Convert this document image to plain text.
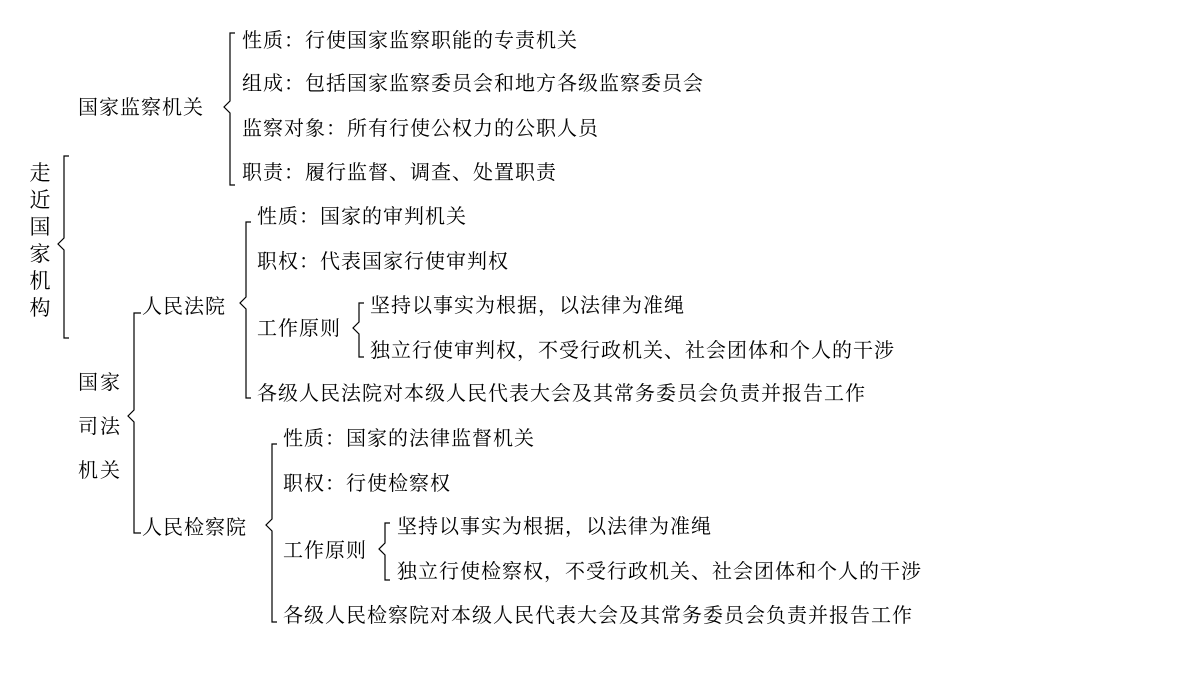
走近国家机构
国家监察机关
性质：行使国家监察职能的专责机关
组成：包括国家监察委员会和地方各级监察委员会
监察对象：所有行使公权力的公职人员
职责：履行监督、调查、处置职责
国家司法机关
人民法院
性质：国家的审判机关
职权：代表国家行使审判权
工作原则
坚持以事实为根据，以法律为准绳
独立行使审判权，不受行政机关、社会团体和个人的干涉
各级人民法院对本级人民代表大会及其常务委员会负责并报告工作
人民检察院
性质：国家的法律监督机关
职权：行使检察权
工作原则
坚持以事实为根据，以法律为准绳
独立行使检察权，不受行政机关、社会团体和个人的干涉
各级人民检察院对本级人民代表大会及其常务委员会负责并报告工作
